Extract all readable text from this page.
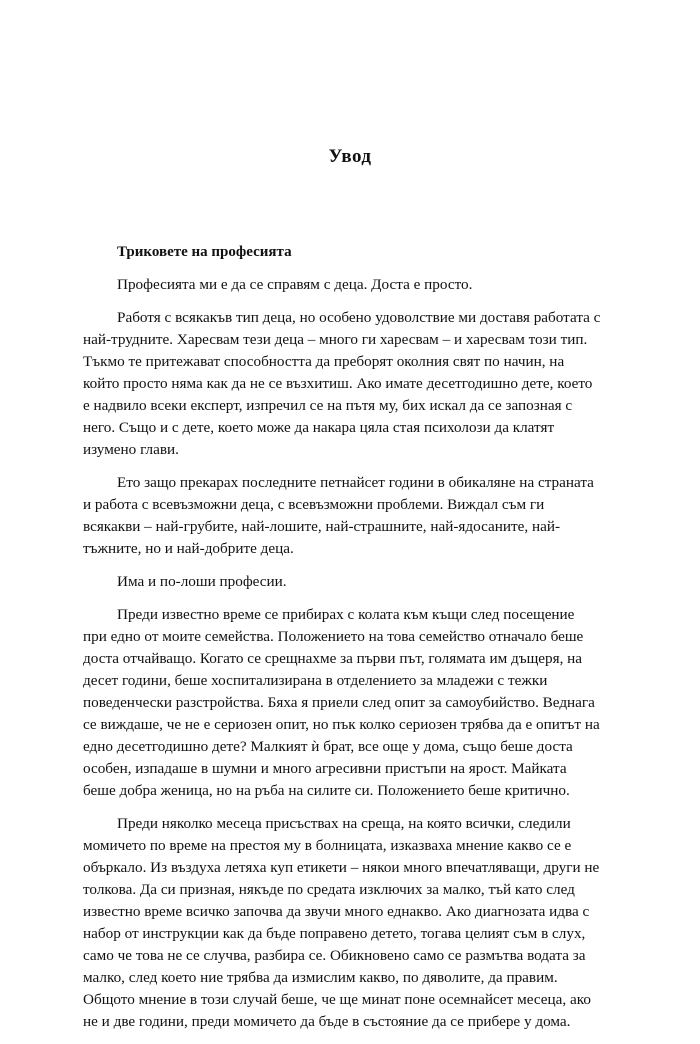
Увод

Триковете на професията

Професията ми е да се справям с деца. Доста е просто.

Работя с всякакъв тип деца, но особено удоволствие ми доставя работата с най-трудните. Харесвам тези деца – много ги харесвам – и харесвам този тип. Тъкмо те притежават способността да преборят околния свят по начин, на който просто няма как да не се възхитиш. Ако имате десетгодишно дете, което е надвило всеки експерт, изпречил се на пътя му, бих искал да се запозная с него. Също и с дете, което може да накара цяла стая психолози да клатят изумено глави.

Ето защо прекарах последните петнайсет години в обикаляне на страната и работа с всевъзможни деца, с всевъзможни проблеми. Виждал съм ги всякакви – най-грубите, най-лошите, най-страшните, най-ядосаните, най-тъжните, но и най-добрите деца.

Има и по-лоши професии.

Преди известно време се прибирах с колата към къщи след посещение при едно от моите семейства. Положението на това семейство отначало беше доста отчайващо. Когато се срещнахме за първи път, голямата им дъщеря, на десет години, беше хоспитализирана в отделението за младежи с тежки поведенчески разстройства. Бяха я приели след опит за самоубийство. Веднага се виждаше, че не е сериозен опит, но пък колко сериозен трябва да е опитът на едно десетгодишно дете? Малкият ѝ брат, все още у дома, също беше доста особен, изпадаше в шумни и много агресивни пристъпи на ярост. Майката беше добра женица, но на ръба на силите си. Положението беше критично.

Преди няколко месеца присъствах на среща, на която всички, следили момичето по време на престоя му в болницата, изказваха мнение какво се е объркало. Из въздуха летяха куп етикети – някои много впечатляващи, други не толкова. Да си призная, някъде по средата изключих за малко, тъй като след известно време всичко започва да звучи много еднакво. Ако диагнозата идва с набор от инструкции как да бъде поправено детето, тогава целият съм в слух, само че това не се случва, разбира се. Обикновено само се размътва водата за малко, след което ние трябва да измислим какво, по дяволите, да правим. Общото мнение в този случай беше, че ще минат поне осемнайсет месеца, ако не и две години, преди момичето да бъде в състояние да се прибере у дома.
